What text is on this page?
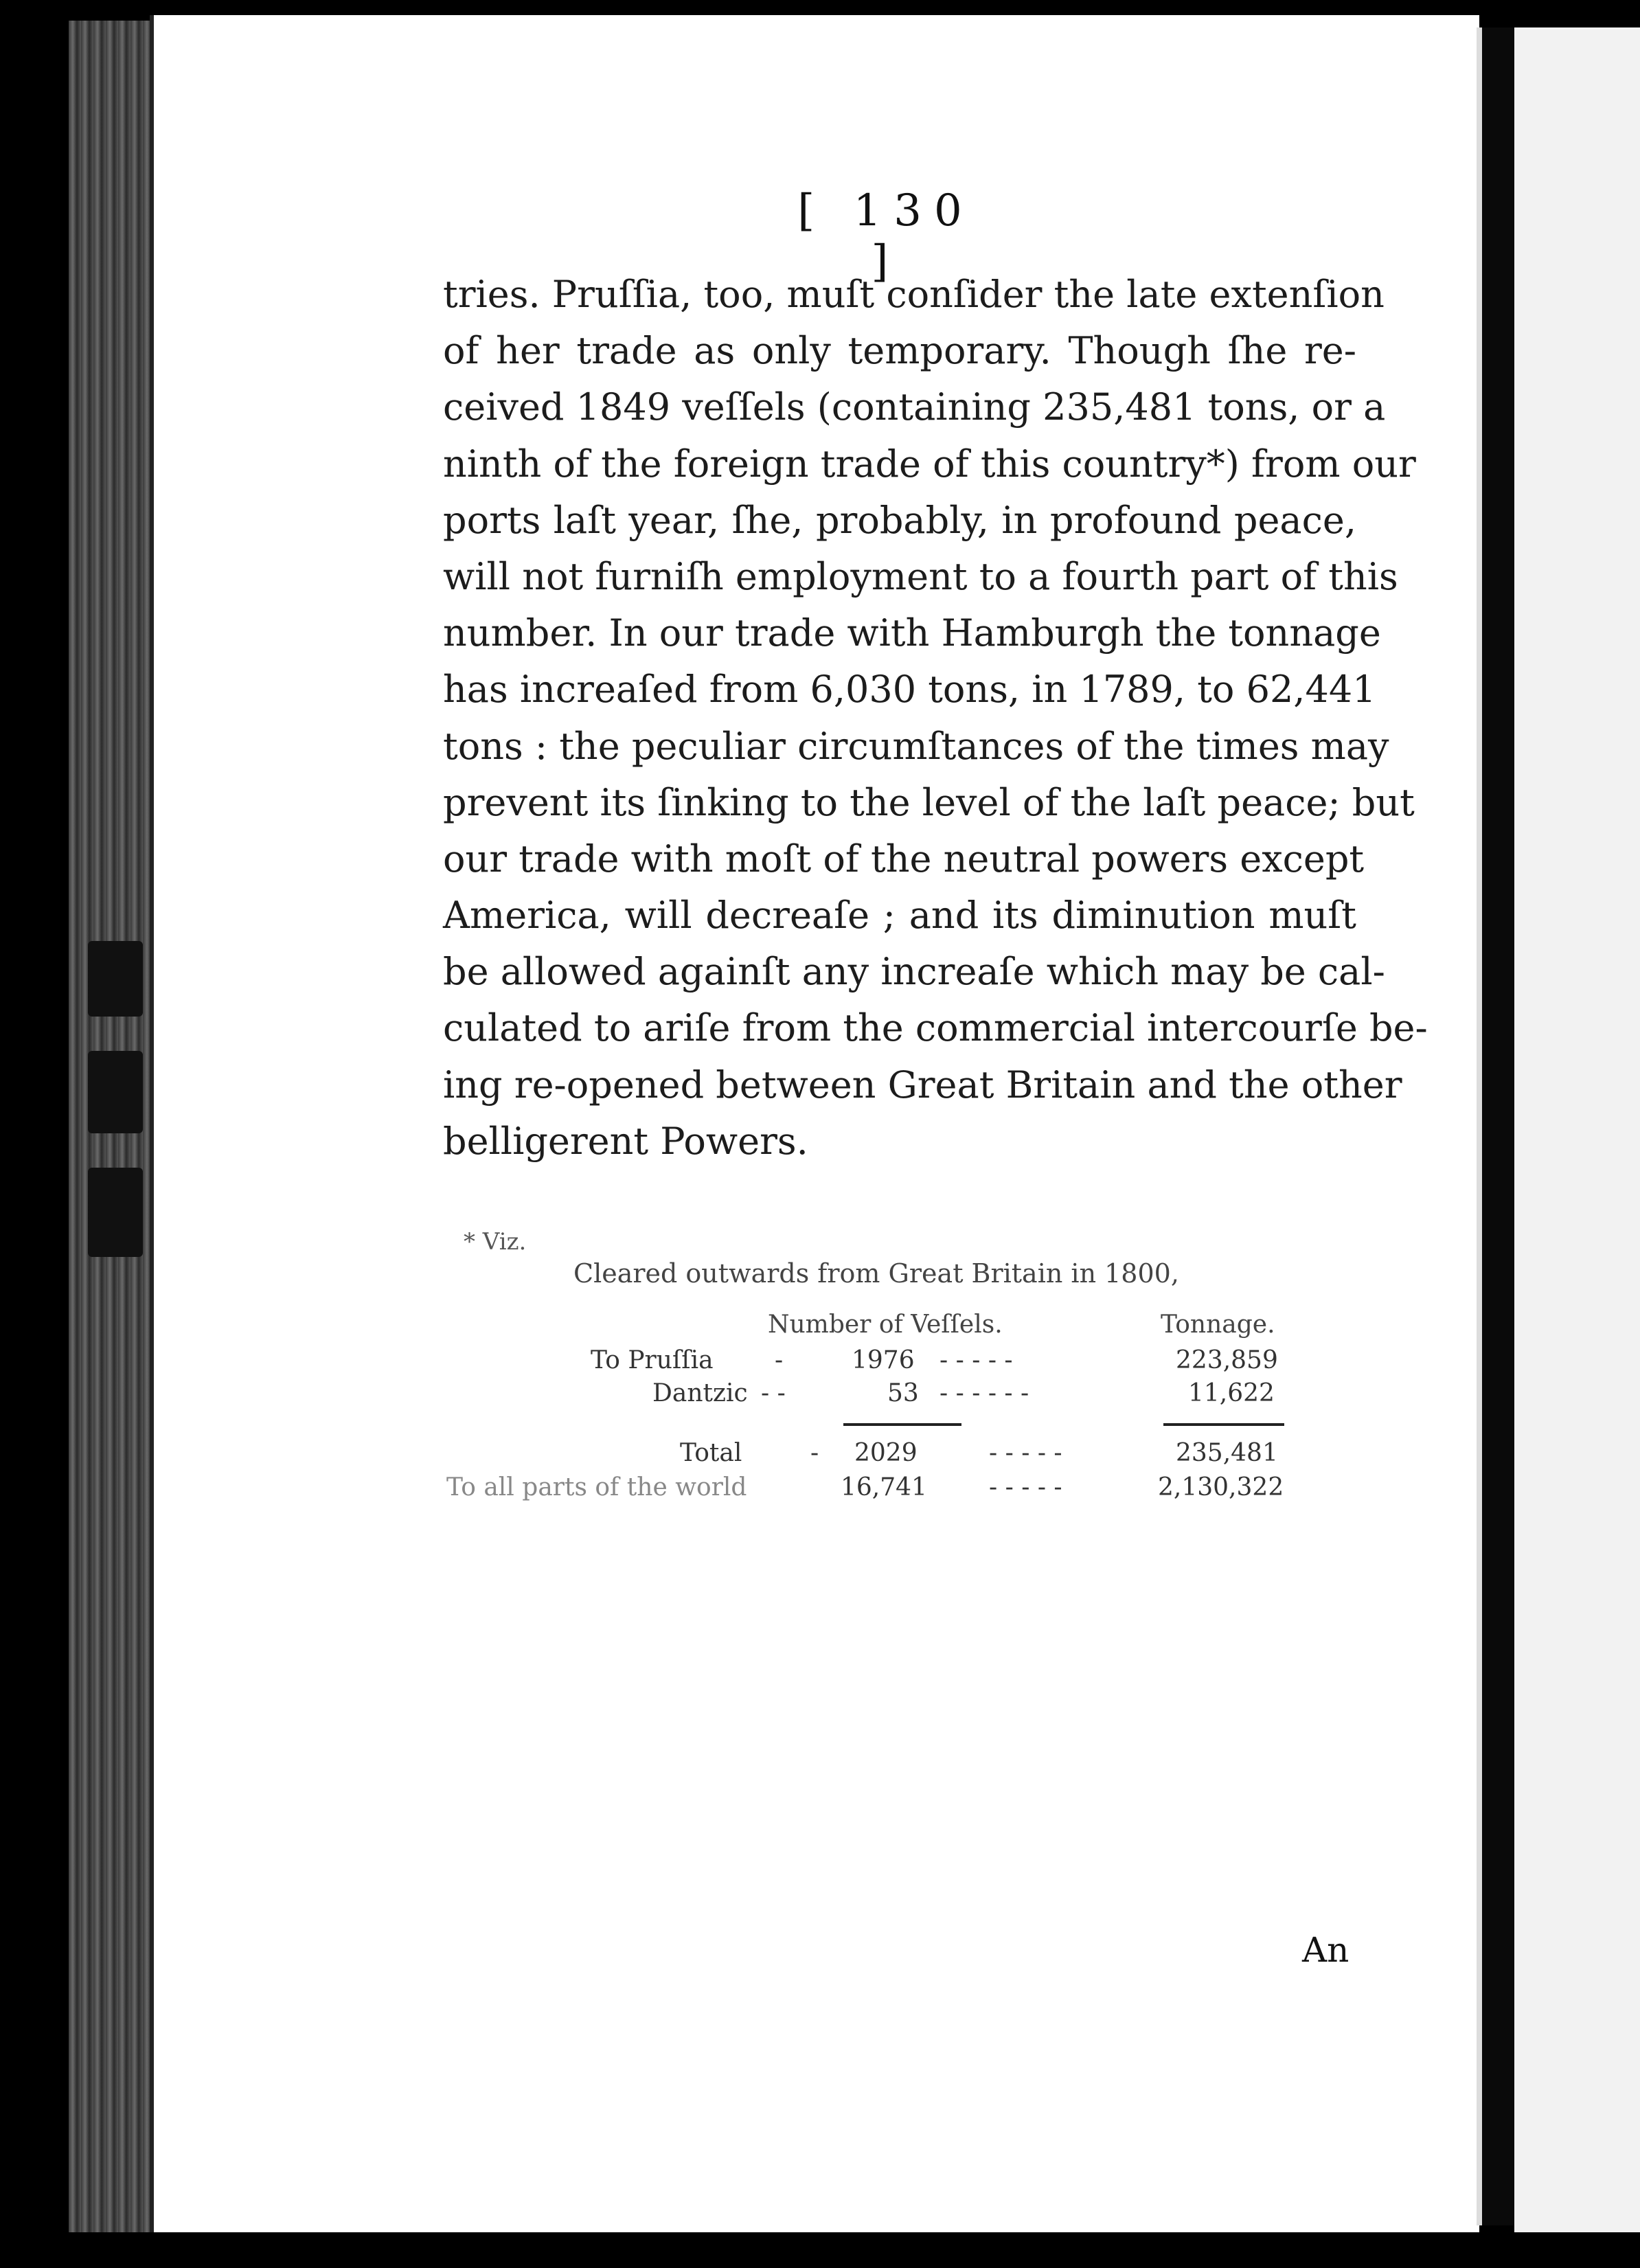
[ 130 ]
tries. Pruſſia, too, muſt conſider the late extenſion
of her trade as only temporary. Though ſhe re-
ceived 1849 veſſels (containing 235,481 tons, or a
ninth of the foreign trade of this country*) from our
ports laſt year, ſhe, probably, in profound peace,
will not furniſh employment to a fourth part of this
number. In our trade with Hamburgh the tonnage
has increaſed from 6,030 tons, in 1789, to 62,441
tons : the peculiar circumſtances of the times may
prevent its ſinking to the level of the laſt peace; but
our trade with moſt of the neutral powers except
America, will decreaſe ; and its diminution muſt
be allowed againſt any increaſe which may be cal-
culated to ariſe from the commercial intercourſe be-
ing re-opened between Great Britain and the other
belligerent Powers.
* Viz.
Cleared outwards from Great Britain in 1800,
Number of Veſſels.	Tonnage.
To Pruſſia -	1976 - - - - -	223,859
Dantzic - -	53 - - - - - -	11,622
Total	- 2029	- - - - -	235,481
To all parts of the world	16,741	- - - - -	2,130,322
An
